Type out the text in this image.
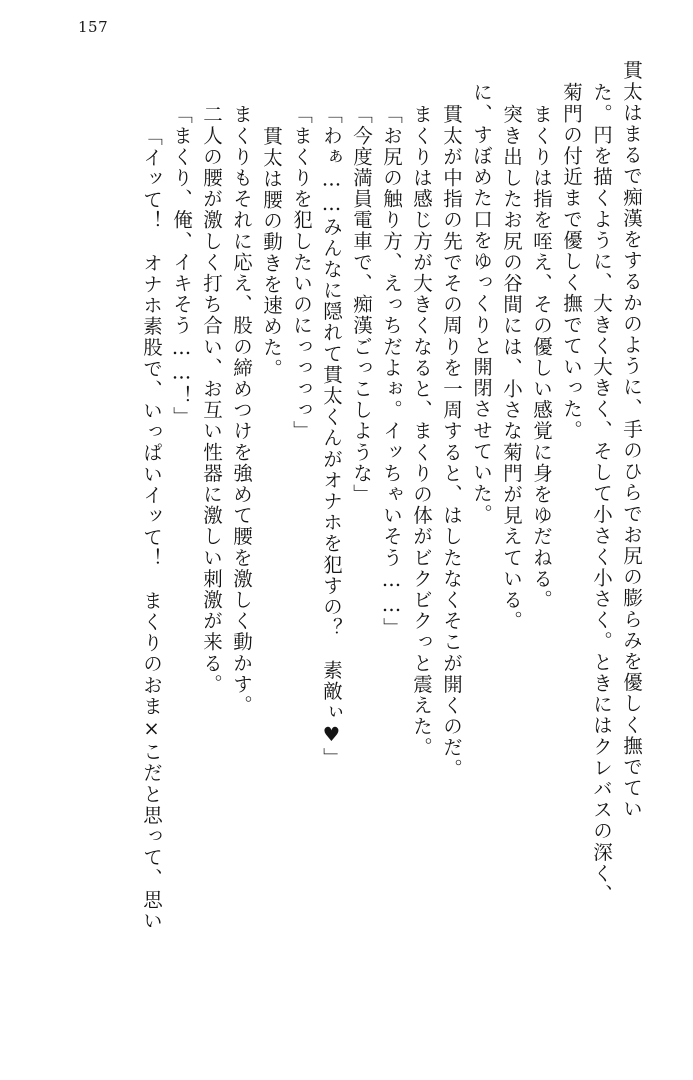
157
貫太はまるで痴漢をするかのように、手のひらでお尻の膨らみを優しく撫でてい
た。円を描くように、大きく大きく、そして小さく小さく。ときにはクレバスの深く、
菊門の付近まで優しく撫でていった。
まくりは指を咥え、その優しい感覚に身をゆだねる。
突き出したお尻の谷間には、小さな菊門が見えている。
に、すぼめた口をゆっくりと開閉させていた。
貫太が中指の先でその周りを一周すると、はしたなくそこが開くのだ。
まくりは感じ方が大きくなると、まくりの体がビクビクっと震えた。
「お尻の触り方、えっちだよぉ。イッちゃいそう……」
「今度満員電車で、痴漢ごっこしような」
「わぁ……みんなに隠れて貫太くんがオナホを犯すの？　素敵ぃ♥」
「まくりを犯したいのにっっっっ」
貫太は腰の動きを速めた。
まくりもそれに応え、股の締めつけを強めて腰を激しく動かす。
二人の腰が激しく打ち合い、お互い性器に激しい刺激が来る。
「まくり、俺、イキそう……！」
「イッて！　オナホ素股で、いっぱいイッて！　まくりのおま×こだと思って、思い
